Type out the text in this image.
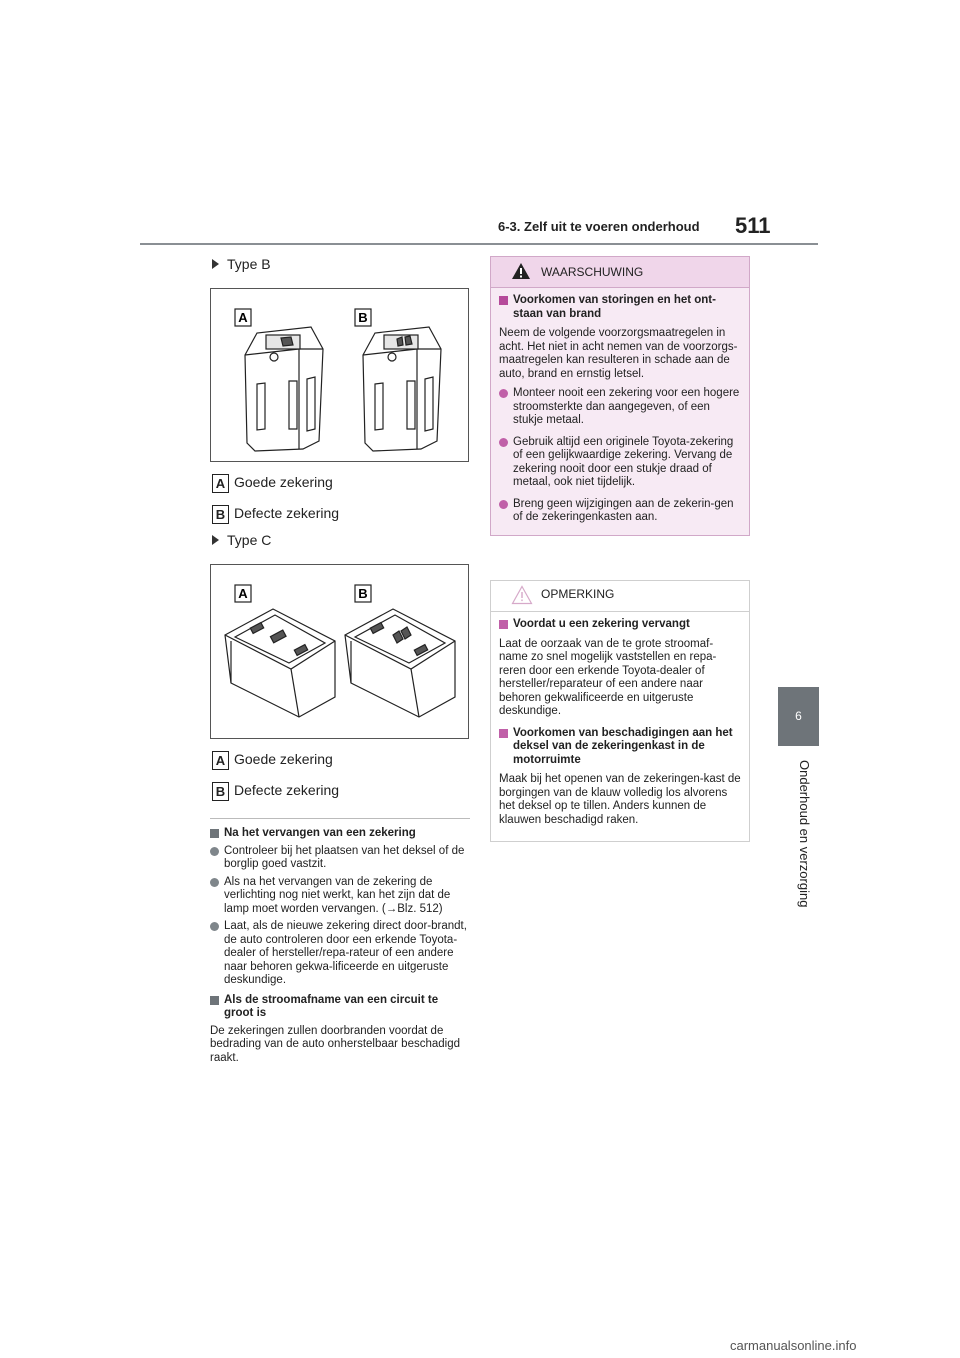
6-3. Zelf uit te voeren onderhoud 511
6
Onderhoud en verzorging
Type B
A	B
A Goede zekering
B Defecte zekering
Type C
A	B
A Goede zekering
B Defecte zekering
Na het vervangen van een zekering
Controleer bij het plaatsen van het deksel of de borglip goed vastzit.
Als na het vervangen van de zekering de verlichting nog niet werkt, kan het zijn dat de lamp moet worden vervangen. (→Blz. 512)
Laat, als de nieuwe zekering direct door-brandt, de auto controleren door een erkende Toyota-dealer of hersteller/repa-rateur of een andere naar behoren gekwa-lificeerde en uitgeruste deskundige.
Als de stroomafname van een circuit te groot is

De zekeringen zullen doorbranden voordat de bedrading van de auto onherstelbaar beschadigd raakt.

WAARSCHUWING
Voorkomen van storingen en het ont-staan van brand

Neem de volgende voorzorgsmaatregelen in acht. Het niet in acht nemen van de voorzorgs-maatregelen kan resulteren in schade aan de auto, brand en ernstig letsel.

Monteer nooit een zekering voor een hogere stroomsterkte dan aangegeven, of een stukje metaal.
Gebruik altijd een originele Toyota-zekering of een gelijkwaardige zekering. Vervang de zekering nooit door een stukje draad of metaal, ook niet tijdelijk.
Breng geen wijzigingen aan de zekerin-gen of de zekeringenkasten aan.
OPMERKING
Voordat u een zekering vervangt

Laat de oorzaak van de te grote stroomaf-name zo snel mogelijk vaststellen en repa-reren door een erkende Toyota-dealer of hersteller/reparateur of een andere naar behoren gekwalificeerde en uitgeruste deskundige.

Voorkomen van beschadigingen aan het deksel van de zekeringenkast in de motorruimte

Maak bij het openen van de zekeringen-kast de borgingen van de klauw volledig los alvorens het deksel op te tillen. Anders kunnen de klauwen beschadigd raken.

carmanualsonline.info
